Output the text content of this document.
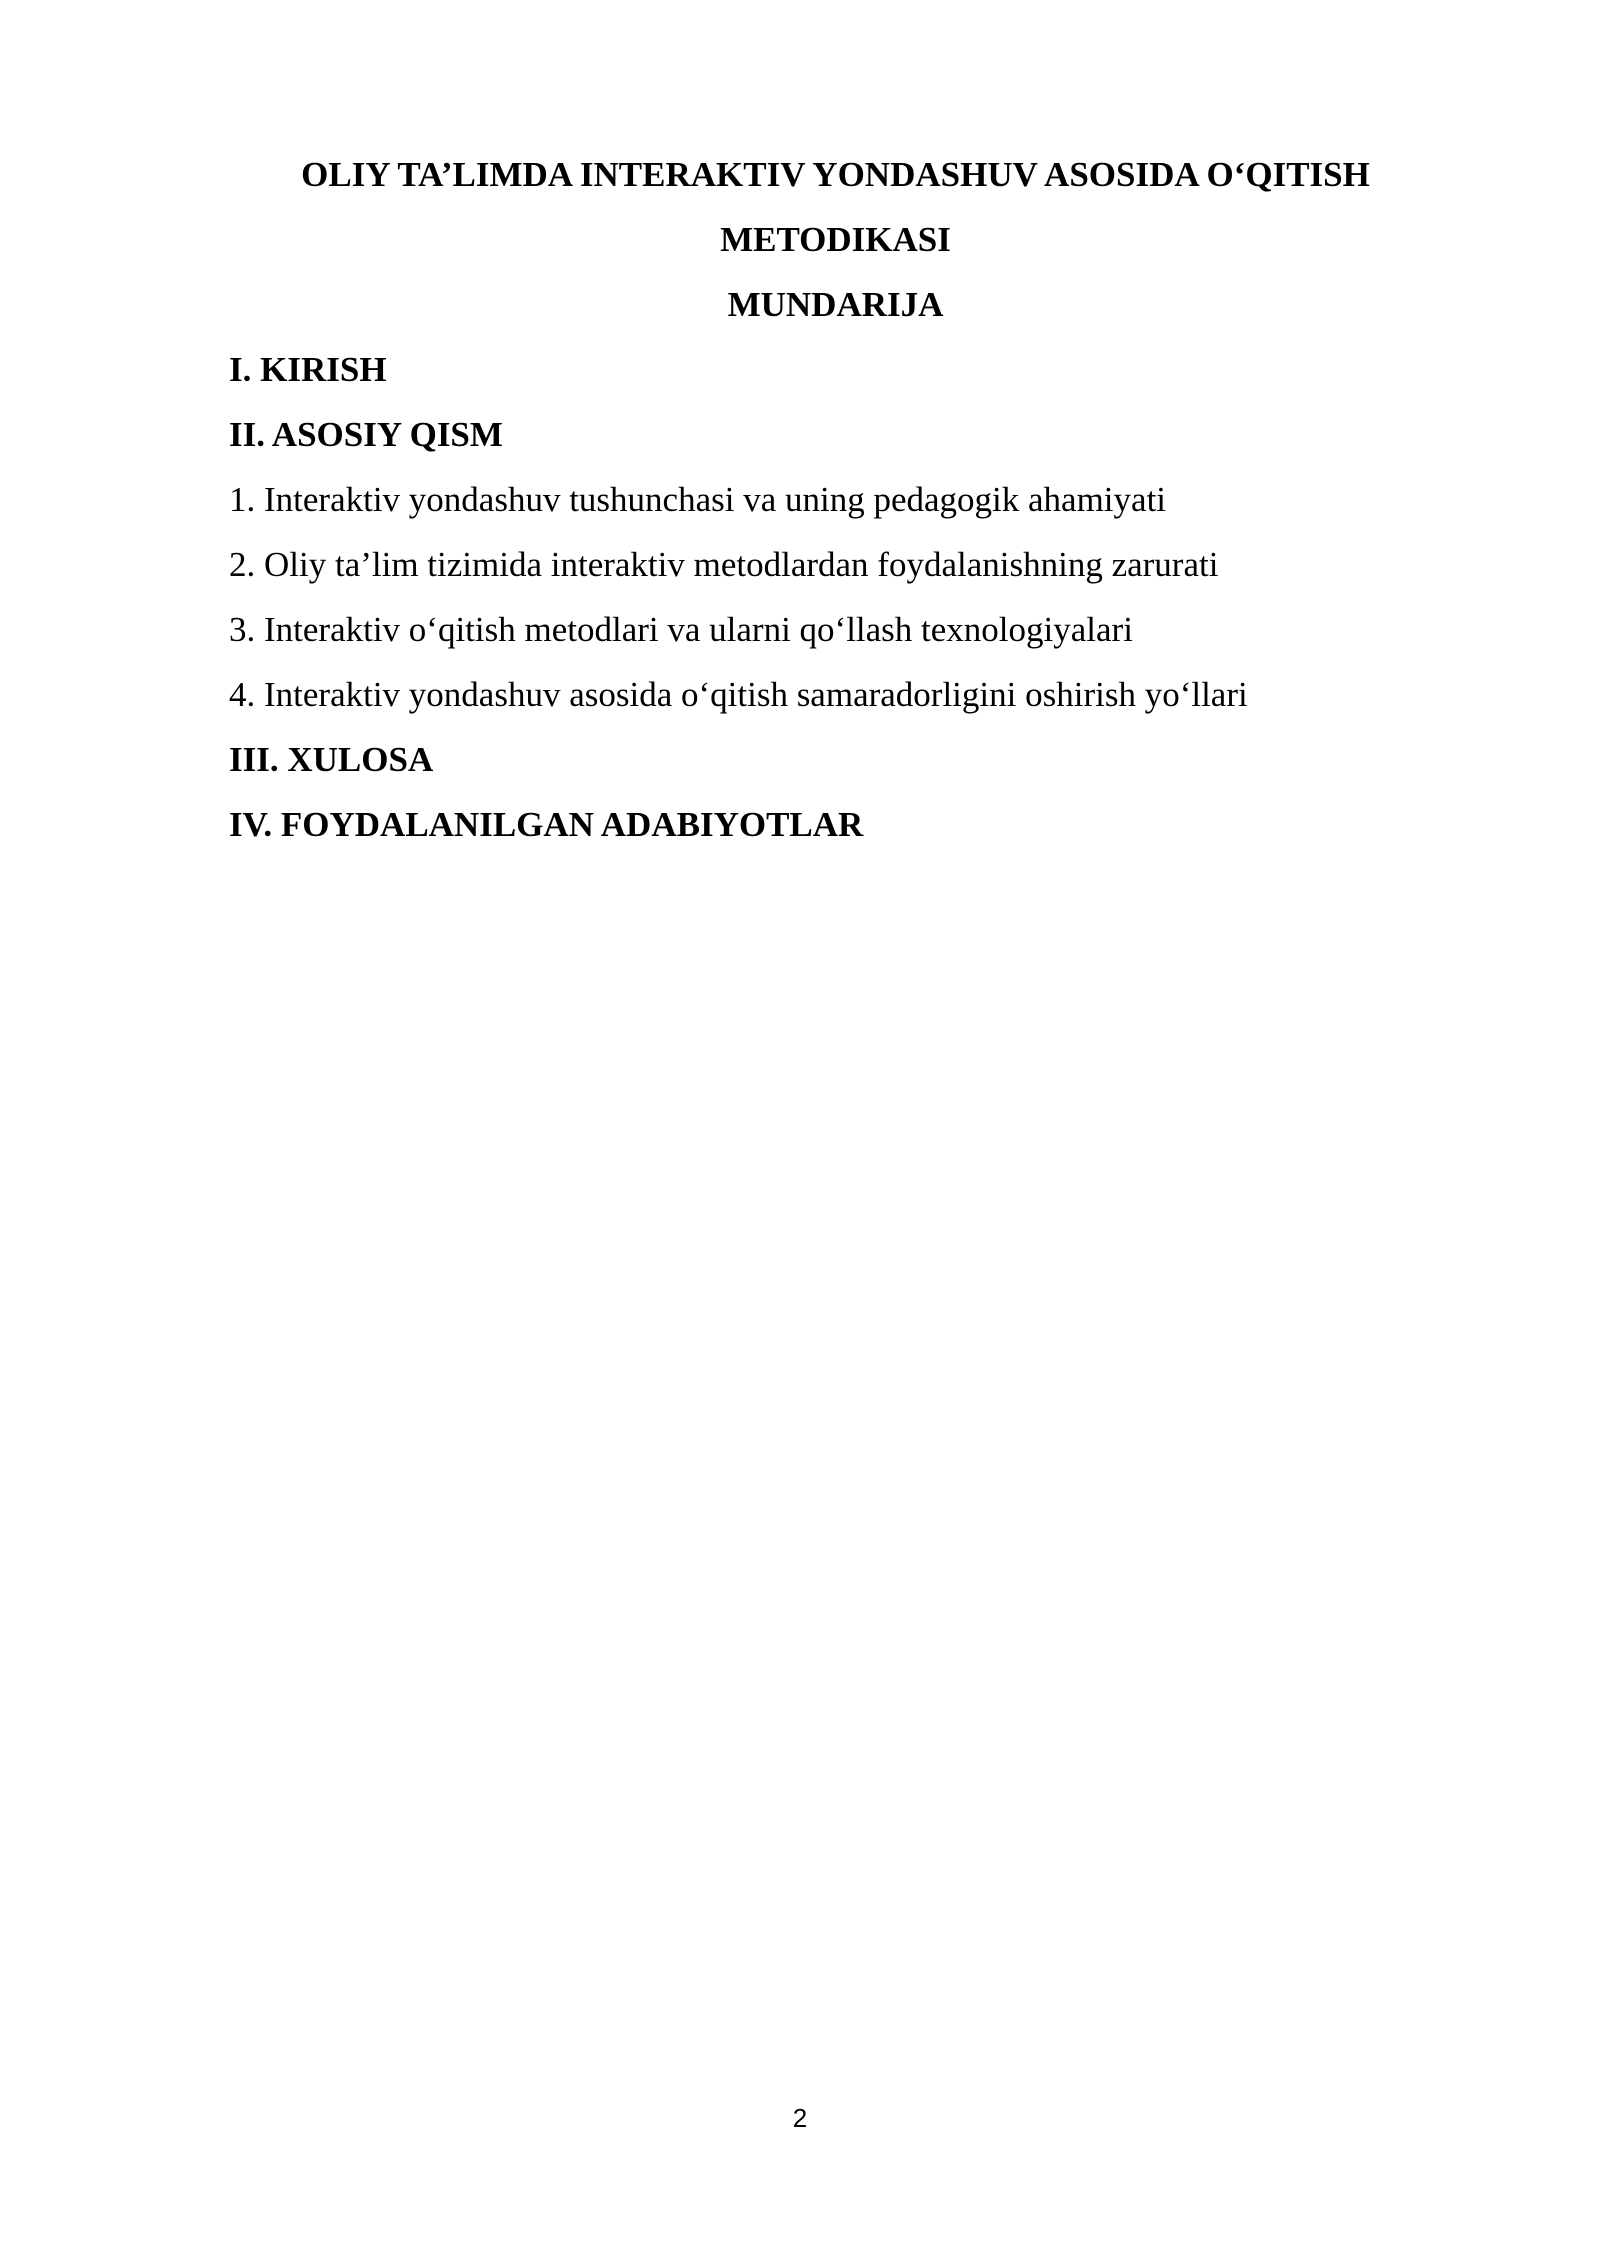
OLIY TA’LIMDA INTERAKTIV YONDASHUV ASOSIDA O‘QITISH
METODIKASI
MUNDARIJA
I. KIRISH
II. ASOSIY QISM
1. Interaktiv yondashuv tushunchasi va uning pedagogik ahamiyati
2. Oliy ta’lim tizimida interaktiv metodlardan foydalanishning zarurati
3. Interaktiv o‘qitish metodlari va ularni qo‘llash texnologiyalari
4. Interaktiv yondashuv asosida o‘qitish samaradorligini oshirish yo‘llari
III. XULOSA
IV. FOYDALANILGAN ADABIYOTLAR
2
